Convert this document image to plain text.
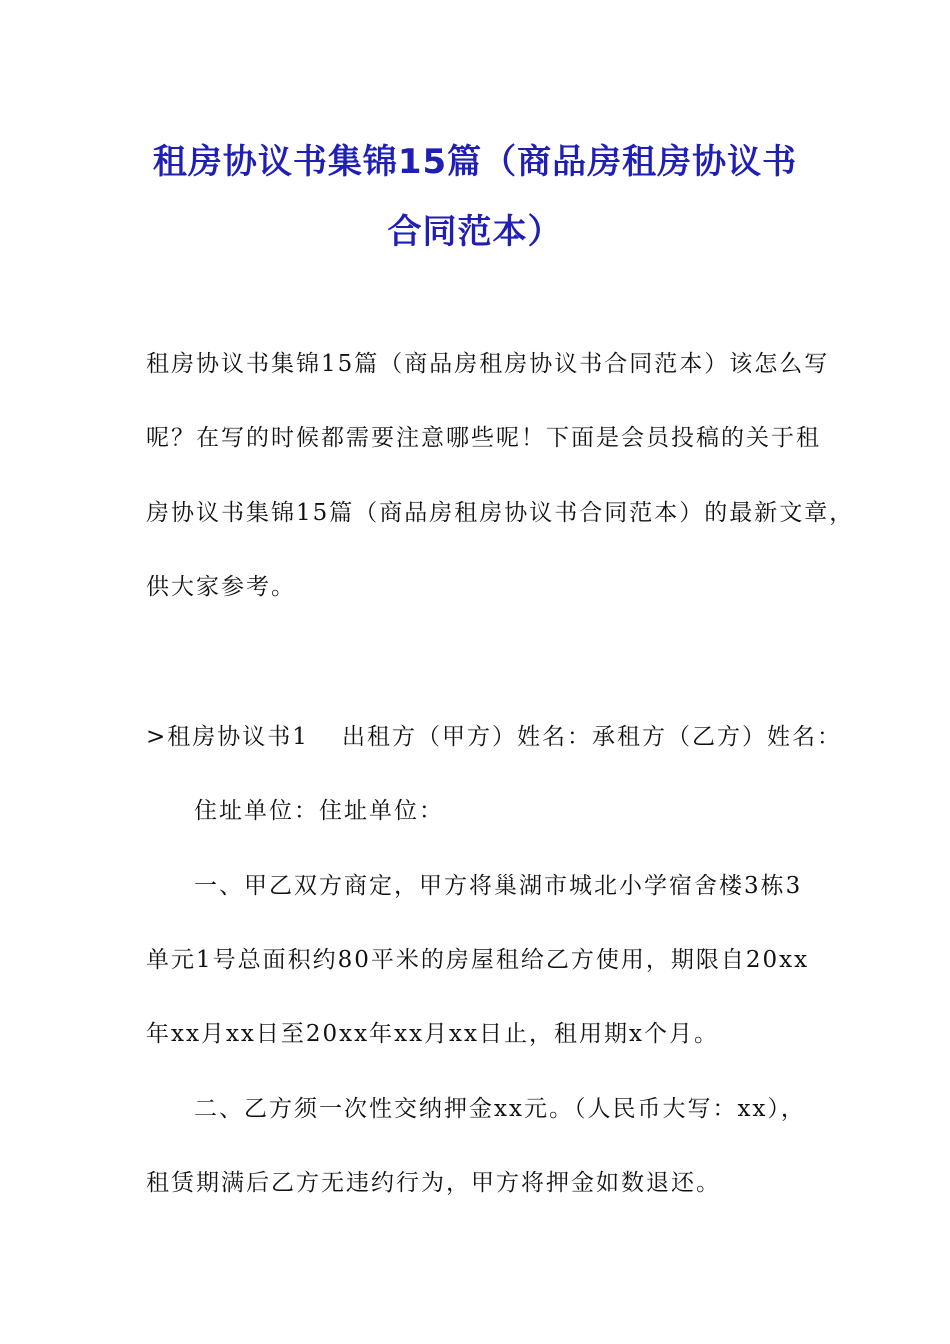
租房协议书集锦15篇（商品房租房协议书
合同范本）
租房协议书集锦15篇（商品房租房协议书合同范本）该怎么写
呢？在写的时候都需要注意哪些呢！下面是会员投稿的关于租
房协议书集锦15篇（商品房租房协议书合同范本）的最新文章，
供大家参考。
>租房协议书1 出租方（甲方）姓名：承租方（乙方）姓名：
住址单位：住址单位：
一、甲乙双方商定，甲方将巢湖市城北小学宿舍楼3栋3
单元1号总面积约80平米的房屋租给乙方使用，期限自20xx
年xx月xx日至20xx年xx月xx日止，租用期x个月。
二、乙方须一次性交纳押金xx元。（人民币大写：xx），
租赁期满后乙方无违约行为，甲方将押金如数退还。
